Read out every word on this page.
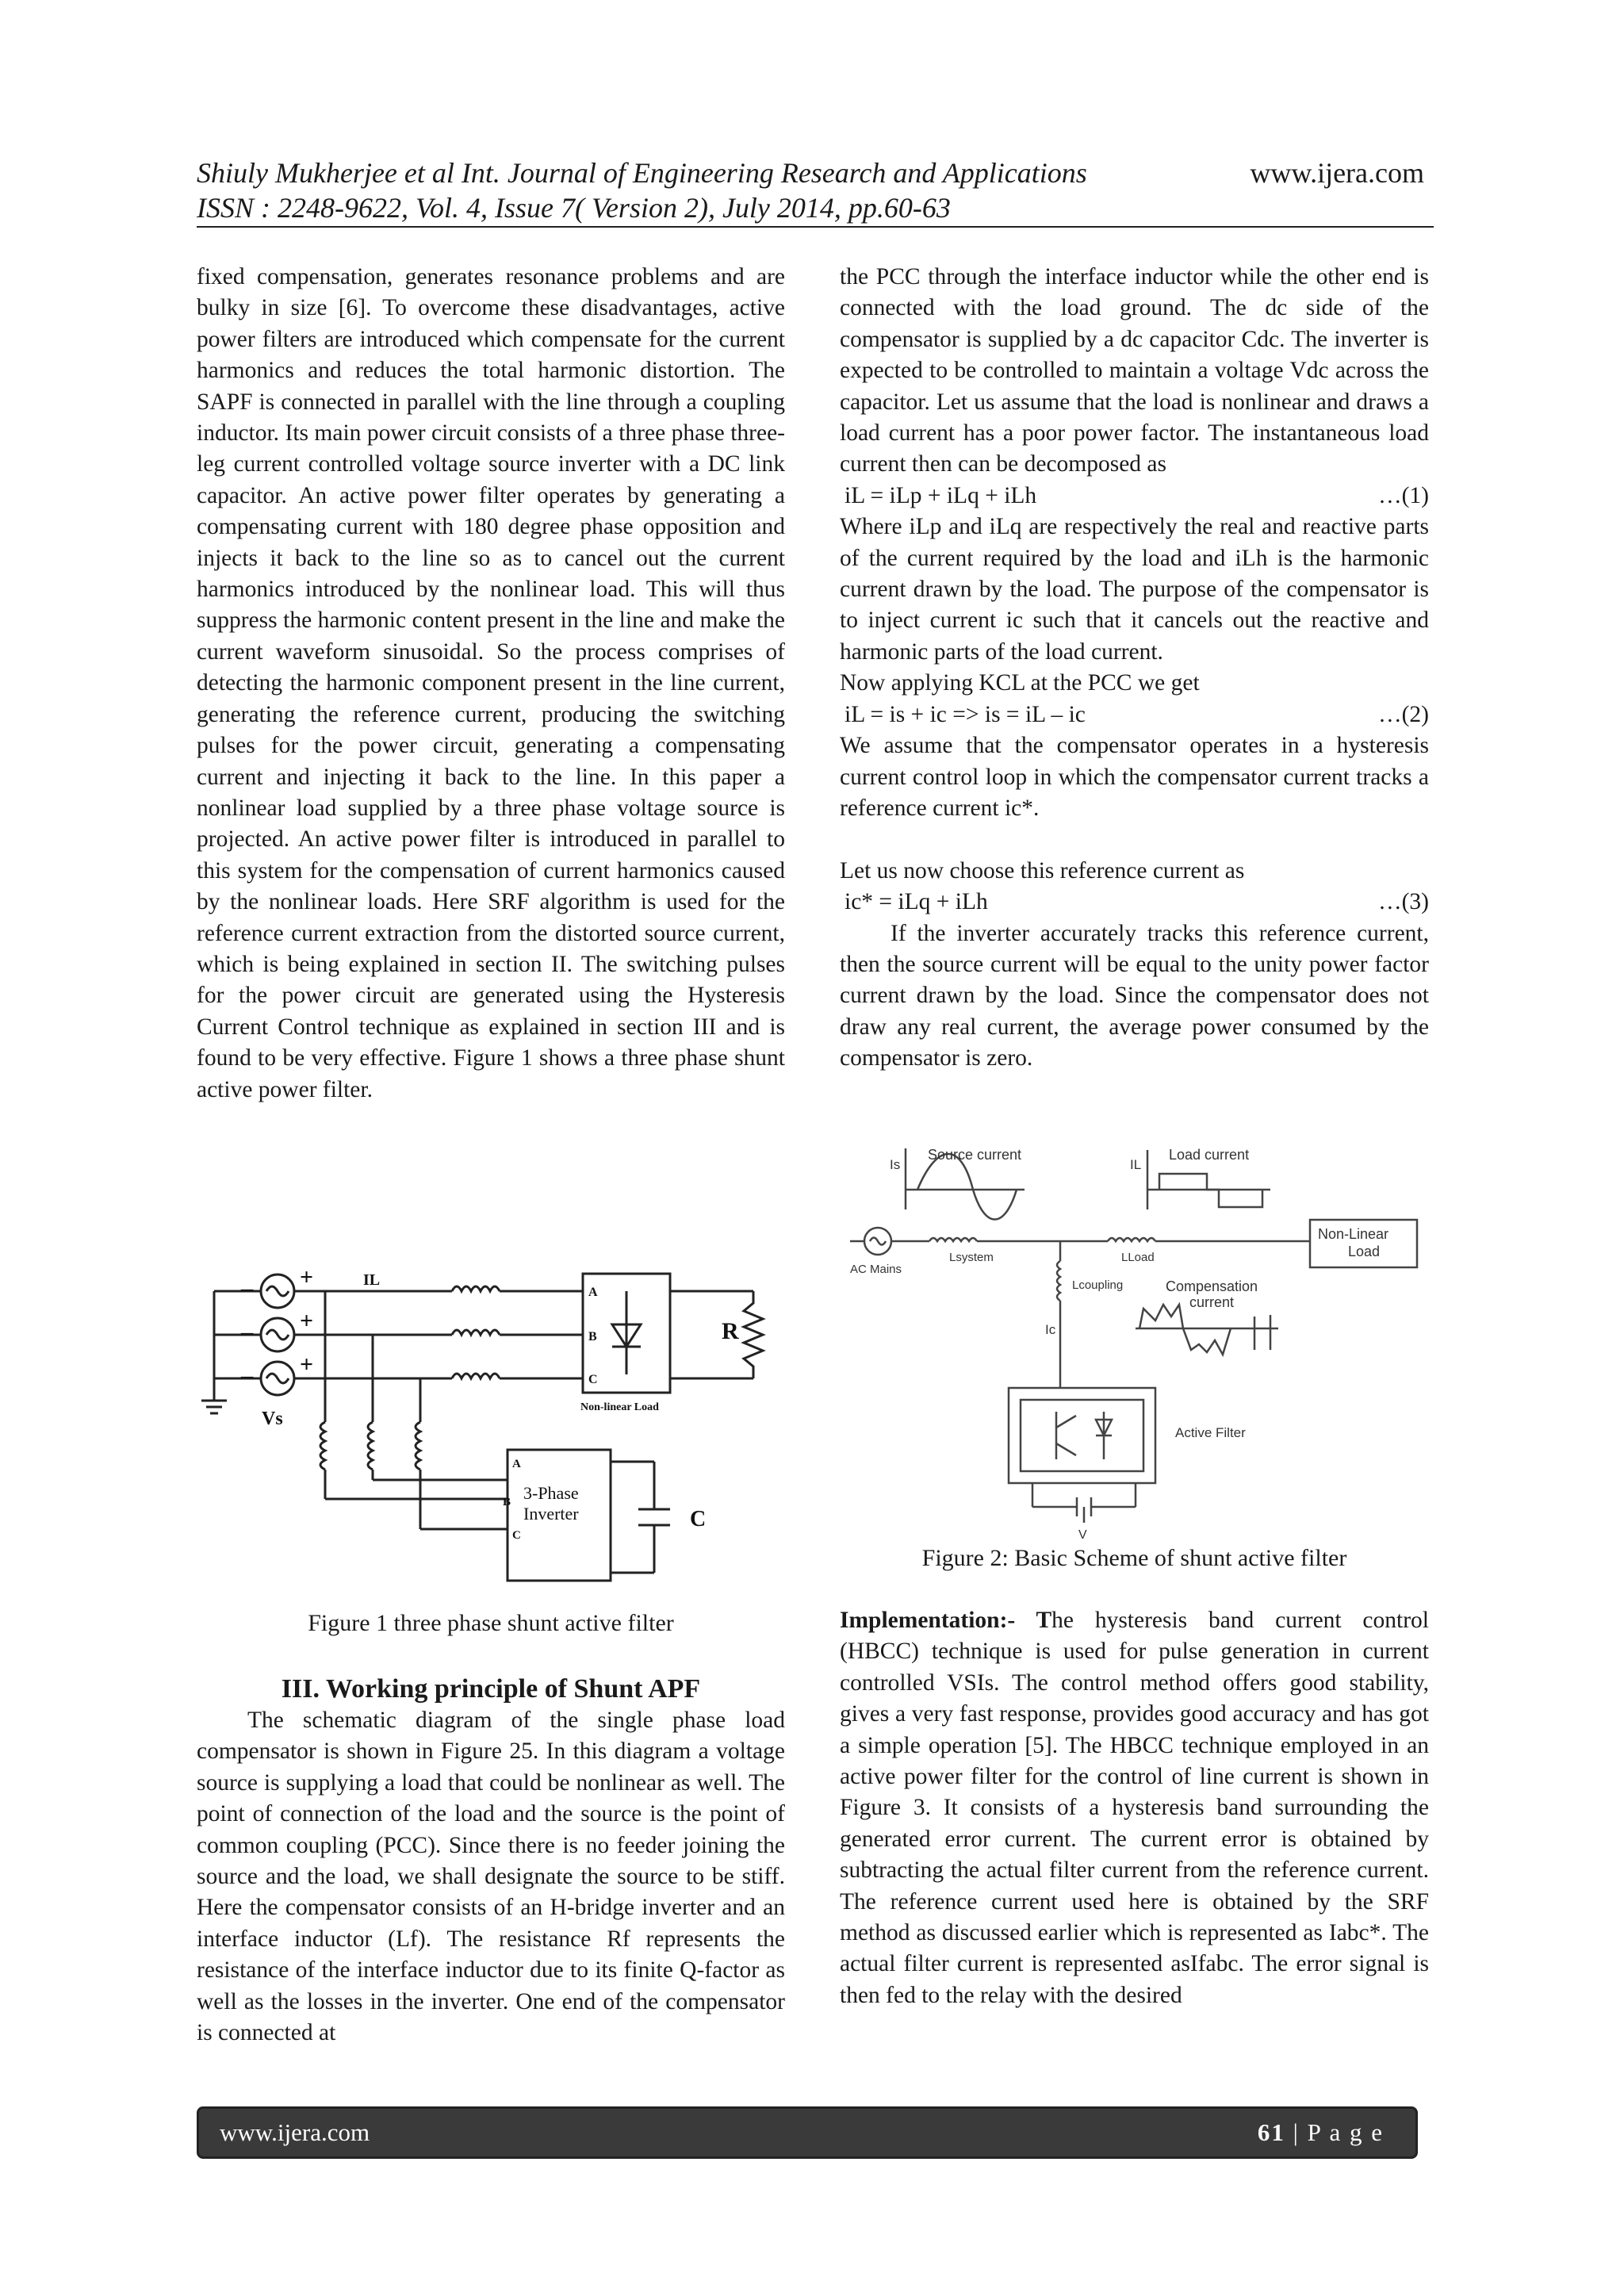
Shiuly Mukherjee et al Int. Journal of Engineering Research and Applications
ISSN : 2248-9622, Vol. 4, Issue 7( Version 2), July 2014, pp.60-63
www.ijera.com

fixed compensation, generates resonance problems and are bulky in size [6]. To overcome these disadvantages, active power filters are introduced which compensate for the current harmonics and reduces the total harmonic distortion. The SAPF is connected in parallel with the line through a coupling inductor. Its main power circuit consists of a three phase three-leg current controlled voltage source inverter with a DC link capacitor. An active power filter operates by generating a compensating current with 180 degree phase opposition and injects it back to the line so as to cancel out the current harmonics introduced by the nonlinear load. This will thus suppress the harmonic content present in the line and make the current waveform sinusoidal. So the process comprises of detecting the harmonic component present in the line current, generating the reference current, producing the switching pulses for the power circuit, generating a compensating current and injecting it back to the line. In this paper a nonlinear load supplied by a three phase voltage source is projected. An active power filter is introduced in parallel to this system for the compensation of current harmonics caused by the nonlinear loads. Here SRF algorithm is used for the reference current extraction from the distorted source current, which is being explained in section II. The switching pulses for the power circuit are generated using the Hysteresis Current Control technique as explained in section III and is found to be very effective. Figure 1 shows a three phase shunt active power filter.

− +
− +
− +
IL
Vs
A
B
C
Non-linear Load
R
A
B
C
3-Phase
Inverter	C
Figure 1 three phase shunt active filter
III. Working principle of Shunt APF

The schematic diagram of the single phase load compensator is shown in Figure 25. In this diagram a voltage source is supplying a load that could be nonlinear as well. The point of connection of the load and the source is the point of common coupling (PCC). Since there is no feeder joining the source and the load, we shall designate the source to be stiff. Here the compensator consists of an H-bridge inverter and an interface inductor (Lf). The resistance Rf represents the resistance of the interface inductor due to its finite Q-factor as well as the losses in the inverter. One end of the compensator is connected at

the PCC through the interface inductor while the other end is connected with the load ground. The dc side of the compensator is supplied by a dc capacitor Cdc. The inverter is expected to be controlled to maintain a voltage Vdc across the capacitor. Let us assume that the load is nonlinear and draws a load current has a poor power factor. The instantaneous load current then can be decomposed as

iL = iLp + iLq + iLh	…(1)

Where iLp and iLq are respectively the real and reactive parts of the current required by the load and iLh is the harmonic current drawn by the load. The purpose of the compensator is to inject current ic such that it cancels out the reactive and harmonic parts of the load current.

Now applying KCL at the PCC we get

iL = is + ic => is = iL – ic	…(2)

We assume that the compensator operates in a hysteresis current control loop in which the compensator current tracks a reference current ic*.

Let us now choose this reference current as

ic* = iLq + iLh	…(3)

If the inverter accurately tracks this reference current, then the source current will be equal to the unity power factor current drawn by the load. Since the compensator does not draw any real current, the average power consumed by the compensator is zero.

Source current
Is
Load current
IL
AC Mains
Lsystem	LLoad
Lcoupling
Non-Linear
Load
Ic
Compensation
current
Active Filter
V
Figure 2: Basic Scheme of shunt active filter

Implementation:- The hysteresis band current control (HBCC) technique is used for pulse generation in current controlled VSIs. The control method offers good stability, gives a very fast response, provides good accuracy and has got a simple operation [5]. The HBCC technique employed in an active power filter for the control of line current is shown in Figure 3. It consists of a hysteresis band surrounding the generated error current. The current error is obtained by subtracting the actual filter current from the reference current. The reference current used here is obtained by the SRF method as discussed earlier which is represented as Iabc*. The actual filter current is represented asIfabc. The error signal is then fed to the relay with the desired

www.ijera.com	61 | P a g e
